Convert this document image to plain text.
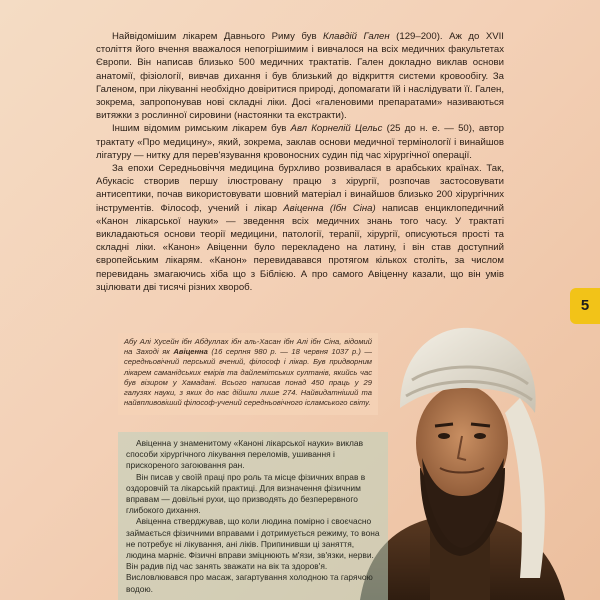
Найвідомішим лікарем Давнього Риму був Клавдій Гален (129–200). Аж до XVII століття його вчення вважалося непогрішимим і вивчалося на всіх медичних факультетах Європи. Він написав близько 500 медичних трактатів. Гален докладно виклав основи анатомії, фізіології, вивчав дихання і був близький до відкриття системи кровообігу. За Галеном, при лікуванні необхідно довіритися природі, допомагати їй і наслідувати її. Гален, зокрема, запропонував нові складні ліки. Досі «галеновими препаратами» називаються витяжки з рослинної сировини (настоянки та екстракти).

Іншим відомим римським лікарем був Авл Корнелій Цельс (25 до н. е. — 50), автор трактату «Про медицину», який, зокрема, заклав основи медичної термінології і винайшов лігатуру — нитку для перев'язування кровоносних судин під час хірургічної операції.

За епохи Середньовіччя медицина бурхливо розвивалася в арабських країнах. Так, Абукасіс створив першу ілюстровану працю з хірургії, розпочав застосовувати антисептики, почав використовувати шовний матеріал і винайшов близько 200 хірургічних інструментів. Філософ, учений і лікар Авіценна (Ібн Сіна) написав енциклопедичний «Канон лікарської науки» — зведення всіх медичних знань того часу. У трактаті викладаються основи теорії медицини, патології, терапії, хірургії, описуються прості та складні ліки. «Канон» Авіценни було перекладено на латину, і він став доступний європейським лікарям. «Канон» перевидавався протягом кількох століть, за числом перевидань змагаючись хіба що з Біблією. А про самого Авіценну казали, що він умів зцілювати дві тисячі різних хвороб.

5
Абу Алі Хусейн ібн Абдуллах ібн аль-Хасан ібн Алі ібн Сіна, відомий на Заході як Авіценна (16 серпня 980 р. — 18 червня 1037 р.) — середньовічний перський вчений, філософ і лікар. Був придворним лікарем саманідських емірів та дайлемітських султанів, якийсь час був візиром у Хамадані. Всього написав понад 450 праць у 29 галузях науки, з яких до нас дійшли лише 274. Найвидатніший та найвпливовіший філософ-учений середньовічного ісламського світу.

Авіценна у знаменитому «Каноні лікарської науки» виклав способи хірургічного лікування переломів, ушивання і прискореного загоювання ран.

Він писав у своїй праці про роль та місце фізичних вправ в оздоровчій та лікарській практиці. Для визначення фізичним вправам — довільні рухи, що призводять до безперервного глибокого дихання.

Авіценна стверджував, що коли людина помірно і своєчасно займається фізичними вправами і дотримується режиму, то вона не потребує ні лікування, ані ліків. Припинивши ці заняття, людина марніє. Фізичні вправи зміцнюють м'язи, зв'язки, нерви. Він радив під час занять зважати на вік та здоров'я. Висловлювався про масаж, загартування холодною та гарячою водою.
